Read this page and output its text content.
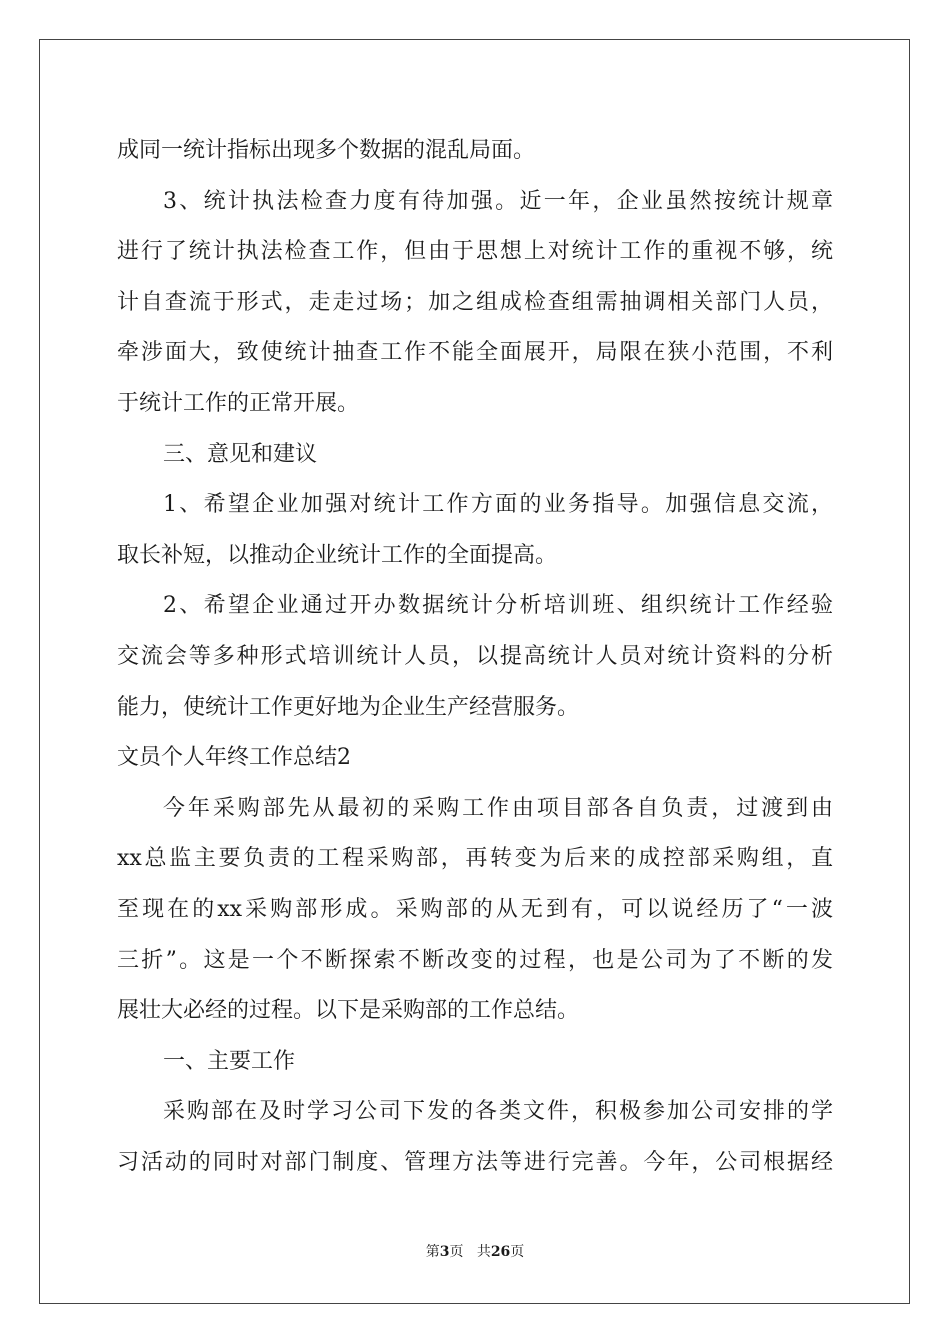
成同一统计指标出现多个数据的混乱局面。
3、统计执法检查力度有待加强。近一年，企业虽然按统计规章
进行了统计执法检查工作，但由于思想上对统计工作的重视不够，统
计自查流于形式，走走过场；加之组成检查组需抽调相关部门人员，
牵涉面大，致使统计抽查工作不能全面展开，局限在狭小范围，不利
于统计工作的正常开展。
三、意见和建议
1、希望企业加强对统计工作方面的业务指导。加强信息交流，
取长补短，以推动企业统计工作的全面提高。
2、希望企业通过开办数据统计分析培训班、组织统计工作经验
交流会等多种形式培训统计人员，以提高统计人员对统计资料的分析
能力，使统计工作更好地为企业生产经营服务。
文员个人年终工作总结2
今年采购部先从最初的采购工作由项目部各自负责，过渡到由
xx总监主要负责的工程采购部，再转变为后来的成控部采购组，直
至现在的xx采购部形成。采购部的从无到有，可以说经历了“一波
三折”。这是一个不断探索不断改变的过程，也是公司为了不断的发
展壮大必经的过程。以下是采购部的工作总结。
一、主要工作
采购部在及时学习公司下发的各类文件，积极参加公司安排的学
习活动的同时对部门制度、管理方法等进行完善。今年，公司根据经
第3页 共26页
